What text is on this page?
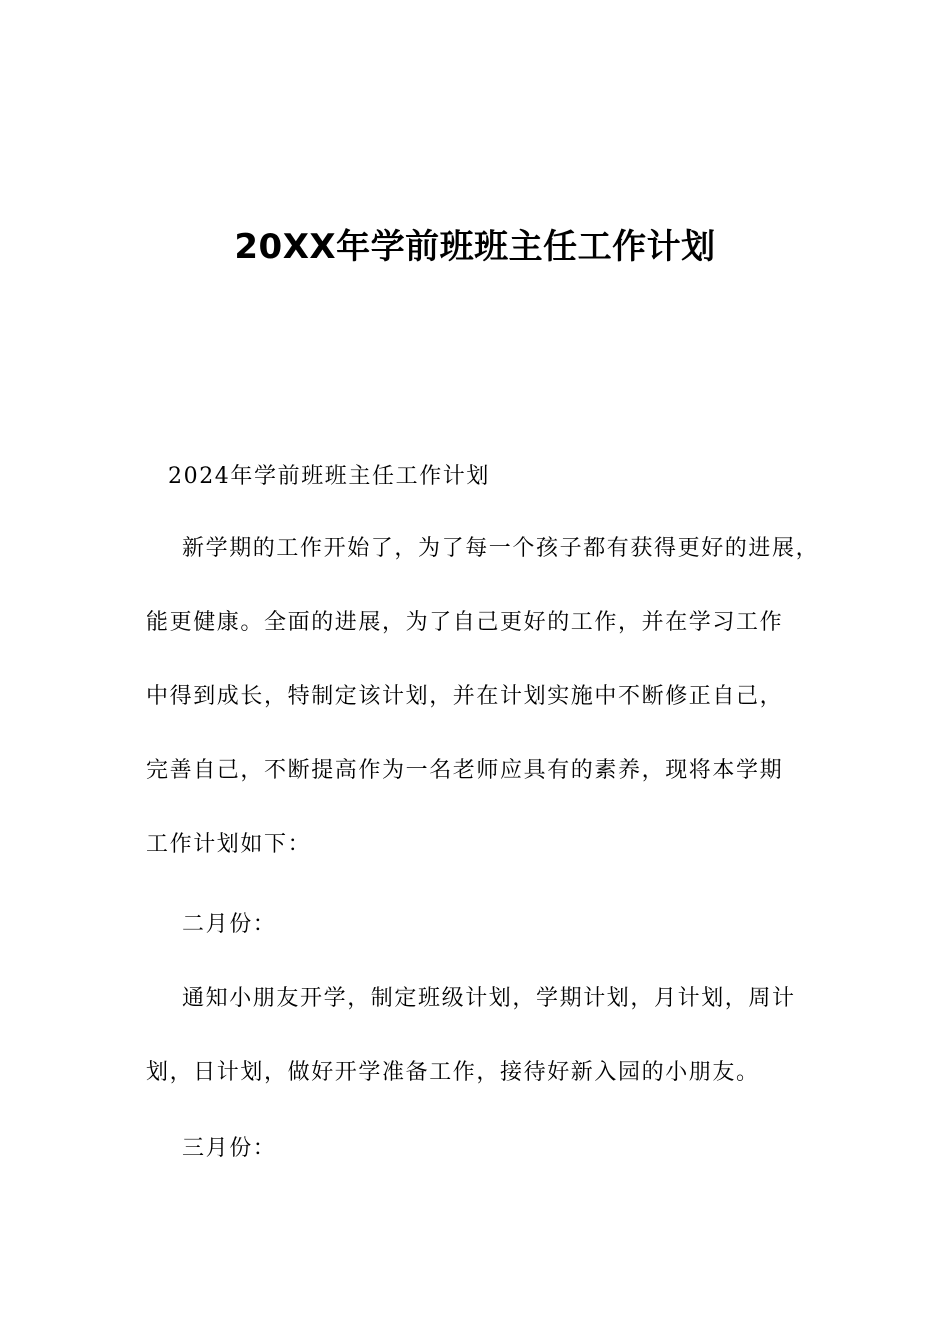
20XX年学前班班主任工作计划

2024年学前班班主任工作计划

新学期的工作开始了，为了每一个孩子都有获得更好的进展，
能更健康。全面的进展，为了自己更好的工作，并在学习工作
中得到成长，特制定该计划，并在计划实施中不断修正自己，
完善自己，不断提高作为一名老师应具有的素养，现将本学期
工作计划如下：

二月份：

通知小朋友开学，制定班级计划，学期计划，月计划，周计
划，日计划，做好开学准备工作，接待好新入园的小朋友。

三月份：
